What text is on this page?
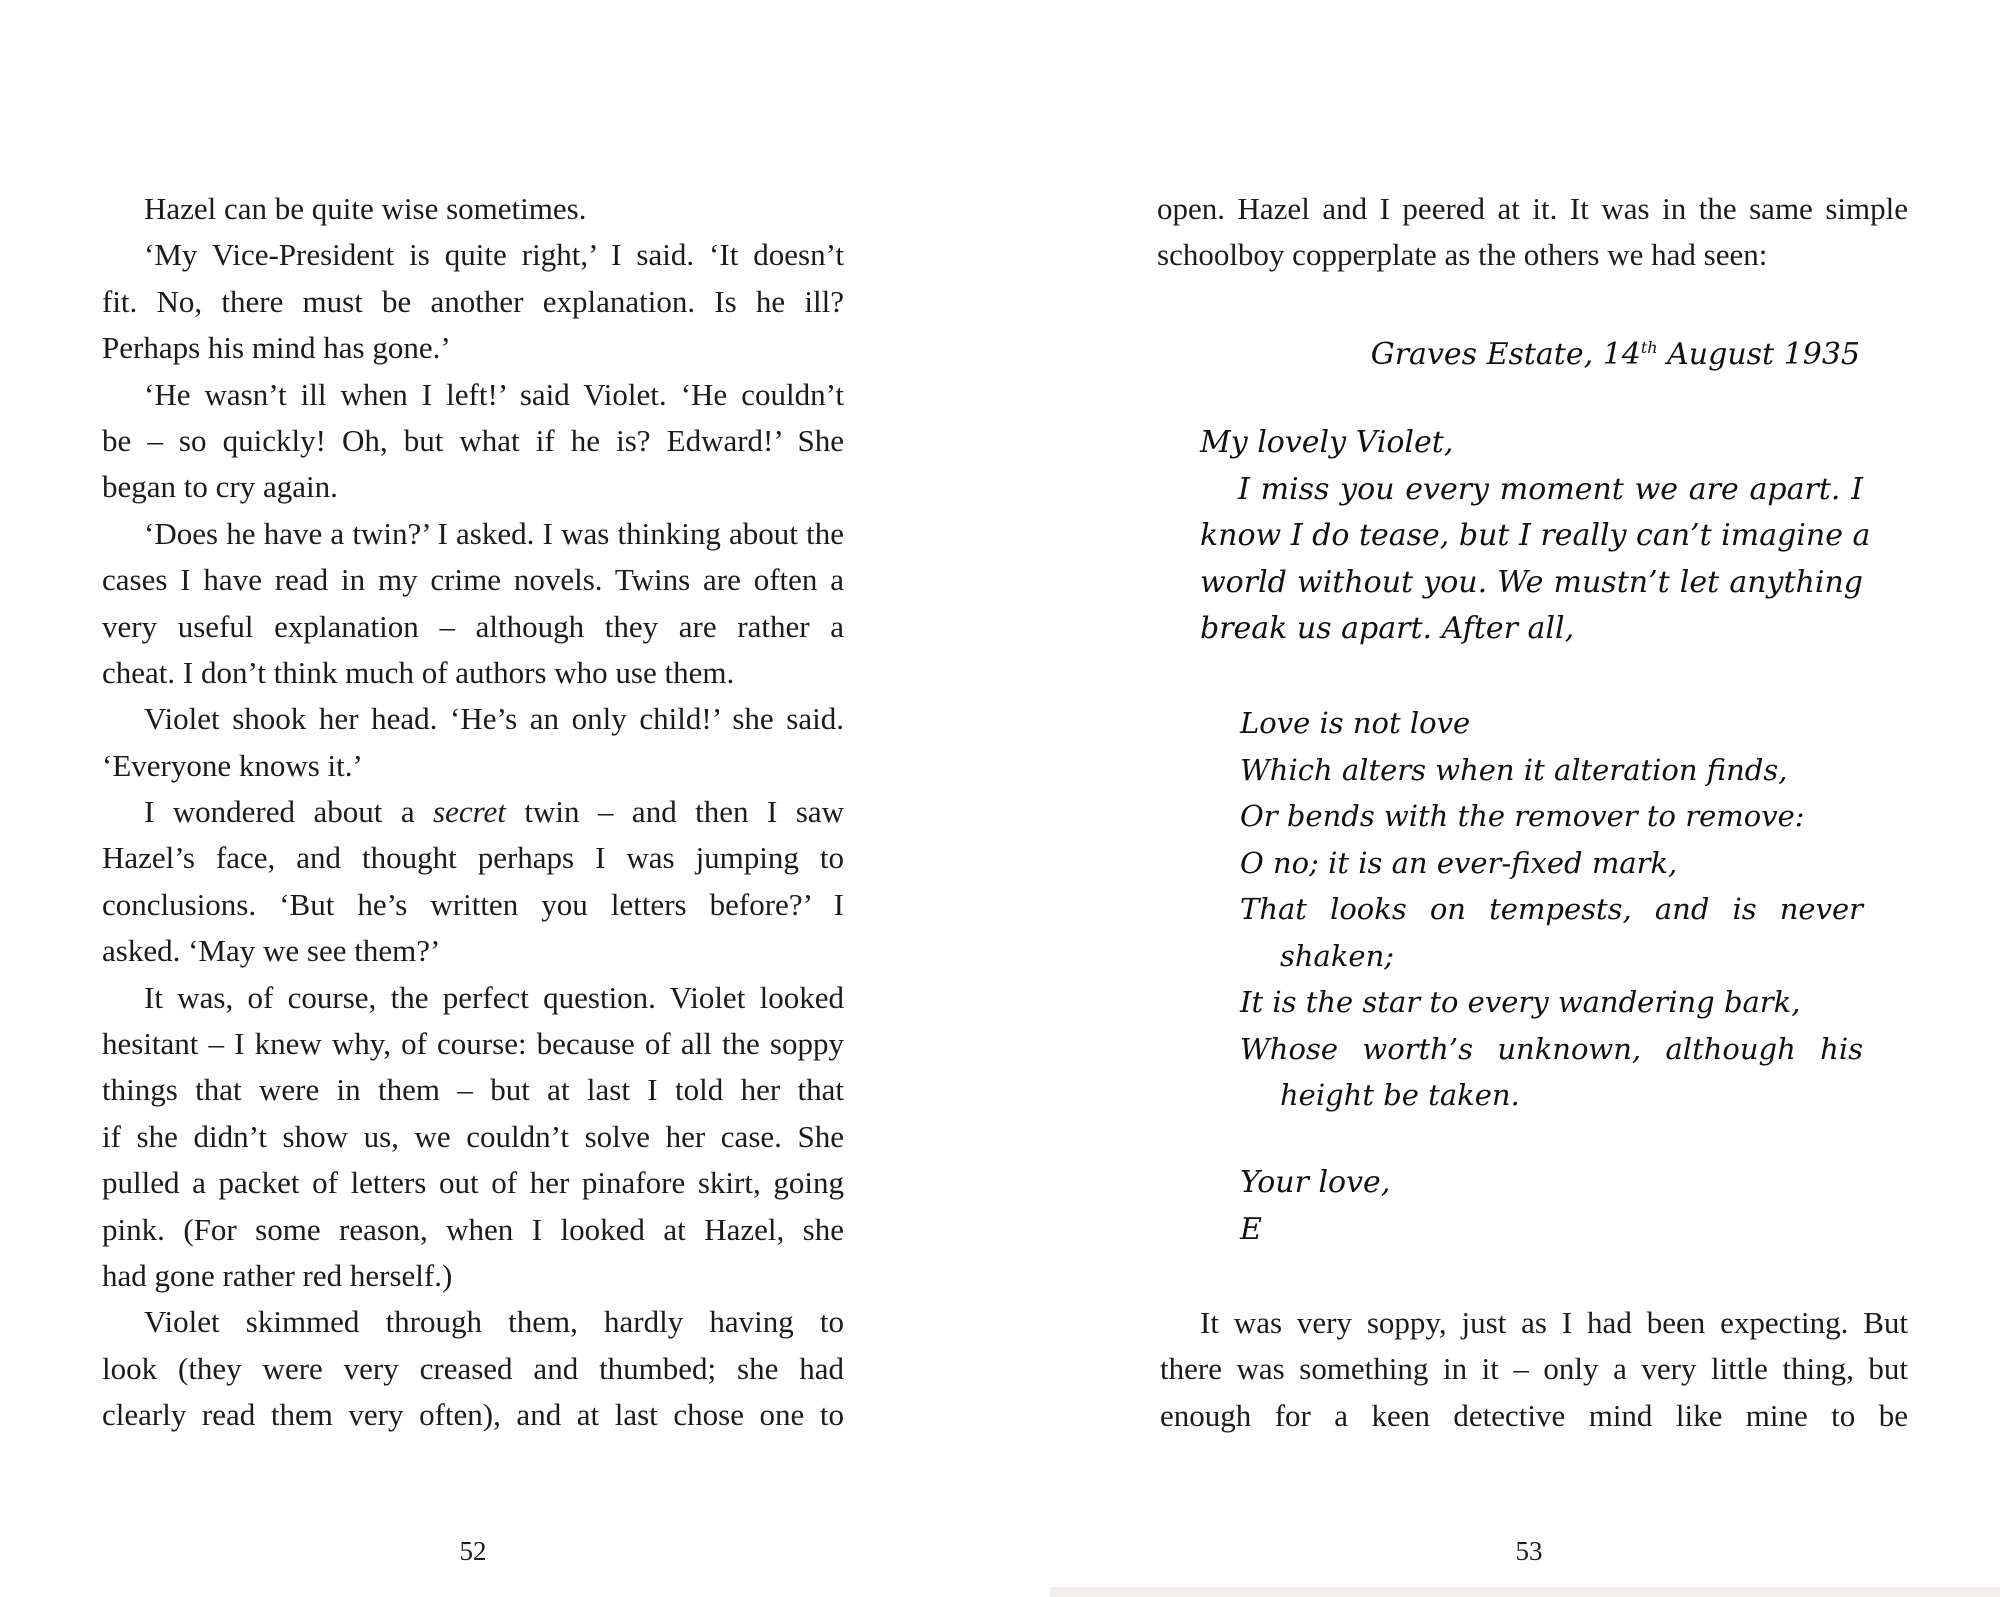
Hazel can be quite wise sometimes.
‘My Vice-President is quite right,’ I said. ‘It doesn’t
fit. No, there must be another explanation. Is he ill?
Perhaps his mind has gone.’
‘He wasn’t ill when I left!’ said Violet. ‘He couldn’t
be – so quickly! Oh, but what if he is? Edward!’ She
began to cry again.
‘Does he have a twin?’ I asked. I was thinking about the
cases I have read in my crime novels. Twins are often a
very useful explanation – although they are rather a
cheat. I don’t think much of authors who use them.
Violet shook her head. ‘He’s an only child!’ she said.
‘Everyone knows it.’
I wondered about a secret twin – and then I saw
Hazel’s face, and thought perhaps I was jumping to
conclusions. ‘But he’s written you letters before?’ I
asked. ‘May we see them?’
It was, of course, the perfect question. Violet looked
hesitant – I knew why, of course: because of all the soppy
things that were in them – but at last I told her that
if she didn’t show us, we couldn’t solve her case. She
pulled a packet of letters out of her pinafore skirt, going
pink. (For some reason, when I looked at Hazel, she
had gone rather red herself.)
Violet skimmed through them, hardly having to
look (they were very creased and thumbed; she had
clearly read them very often), and at last chose one to
52
open. Hazel and I peered at it. It was in the same simple
schoolboy copperplate as the others we had seen:
Graves Estate, 14th August 1935
My lovely Violet,
I miss you every moment we are apart. I
know I do tease, but I really can’t imagine a
world without you. We mustn’t let anything
break us apart. After all,
Love is not love
Which alters when it alteration finds,
Or bends with the remover to remove:
O no; it is an ever-fixed mark,
That looks on tempests, and is never
shaken;
It is the star to every wandering bark,
Whose worth’s unknown, although his
height be taken.
Your love,
E
It was very soppy, just as I had been expecting. But
there was something in it – only a very little thing, but
enough for a keen detective mind like mine to be
53
